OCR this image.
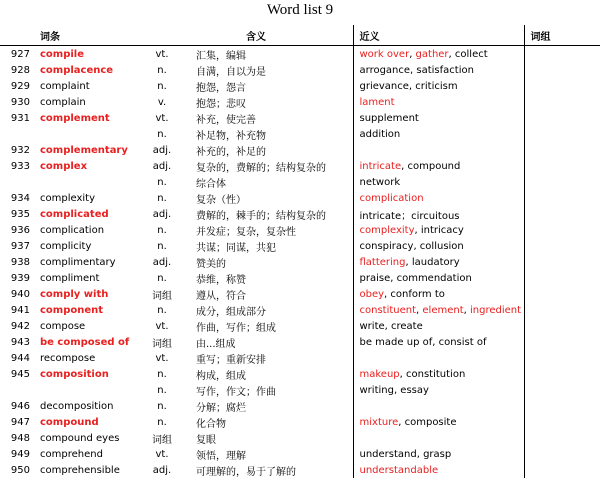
Word list 9
	词条		含义	近义	词组
927	compile	vt.	汇集，编辑	work over, gather, collect	
928	complacence	n.	自满，自以为是	arrogance, satisfaction	
929	complaint	n.	抱怨，怨言	grievance, criticism	
930	complain	v.	抱怨；悲叹	lament	
931	complement	vt.	补充，使完善	supplement	
		n.	补足物，补充物	addition	
932	complementary	adj.	补充的，补足的		
933	complex	adj.	复杂的，费解的；结构复杂的	intricate, compound	
		n.	综合体	network	
934	complexity	n.	复杂（性）	complication	
935	complicated	adj.	费解的，棘手的；结构复杂的	intricate；circuitous	
936	complication	n.	并发症；复杂，复杂性	complexity, intricacy	
937	complicity	n.	共谋；同谋，共犯	conspiracy, collusion	
938	complimentary	adj.	赞美的	flattering, laudatory	
939	compliment	n.	恭维，称赞	praise, commendation	
940	comply with	词组	遵从，符合	obey, conform to	
941	component	n.	成分，组成部分	constituent, element, ingredient	
942	compose	vt.	作曲，写作；组成	write, create	
943	be composed of	词组	由...组成	be made up of, consist of	
944	recompose	vt.	重写；重新安排		
945	composition	n.	构成，组成	makeup, constitution	
		n.	写作，作文；作曲	writing, essay	
946	decomposition	n.	分解；腐烂		
947	compound	n.	化合物	mixture, composite	
948	compound eyes	词组	复眼		
949	comprehend	vt.	领悟，理解	understand, grasp	
950	comprehensible	adj.	可理解的，易于了解的	understandable	
